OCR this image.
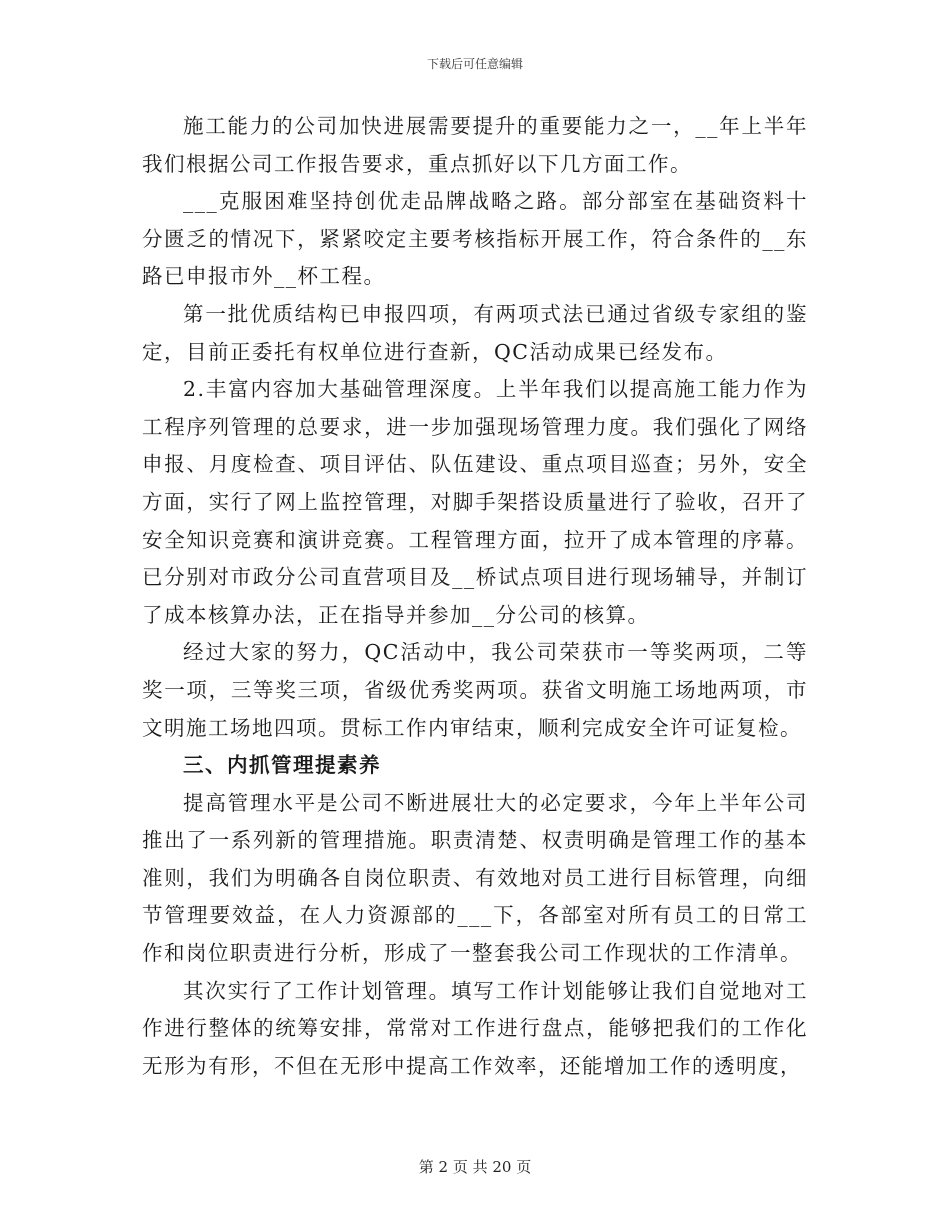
下载后可任意编辑

施工能力的公司加快进展需要提升的重要能力之一，__年上半年我们根据公司工作报告要求，重点抓好以下几方面工作。

___克服困难坚持创优走品牌战略之路。部分部室在基础资料十分匮乏的情况下，紧紧咬定主要考核指标开展工作，符合条件的__东路已申报市外__杯工程。

第一批优质结构已申报四项，有两项式法已通过省级专家组的鉴定，目前正委托有权单位进行查新，QC活动成果已经发布。

2.丰富内容加大基础管理深度。上半年我们以提高施工能力作为工程序列管理的总要求，进一步加强现场管理力度。我们强化了网络申报、月度检查、项目评估、队伍建设、重点项目巡查；另外，安全方面，实行了网上监控管理，对脚手架搭设质量进行了验收，召开了安全知识竞赛和演讲竞赛。工程管理方面，拉开了成本管理的序幕。已分别对市政分公司直营项目及__桥试点项目进行现场辅导，并制订了成本核算办法，正在指导并参加__分公司的核算。

经过大家的努力，QC活动中，我公司荣获市一等奖两项，二等奖一项，三等奖三项，省级优秀奖两项。获省文明施工场地两项，市文明施工场地四项。贯标工作内审结束，顺利完成安全许可证复检。

三、内抓管理提素养

提高管理水平是公司不断进展壮大的必定要求，今年上半年公司推出了一系列新的管理措施。职责清楚、权责明确是管理工作的基本准则，我们为明确各自岗位职责、有效地对员工进行目标管理，向细节管理要效益，在人力资源部的___下，各部室对所有员工的日常工作和岗位职责进行分析，形成了一整套我公司工作现状的工作清单。

其次实行了工作计划管理。填写工作计划能够让我们自觉地对工作进行整体的统筹安排，常常对工作进行盘点，能够把我们的工作化无形为有形，不但在无形中提高工作效率，还能增加工作的透明度，

第 2 页 共 20 页
